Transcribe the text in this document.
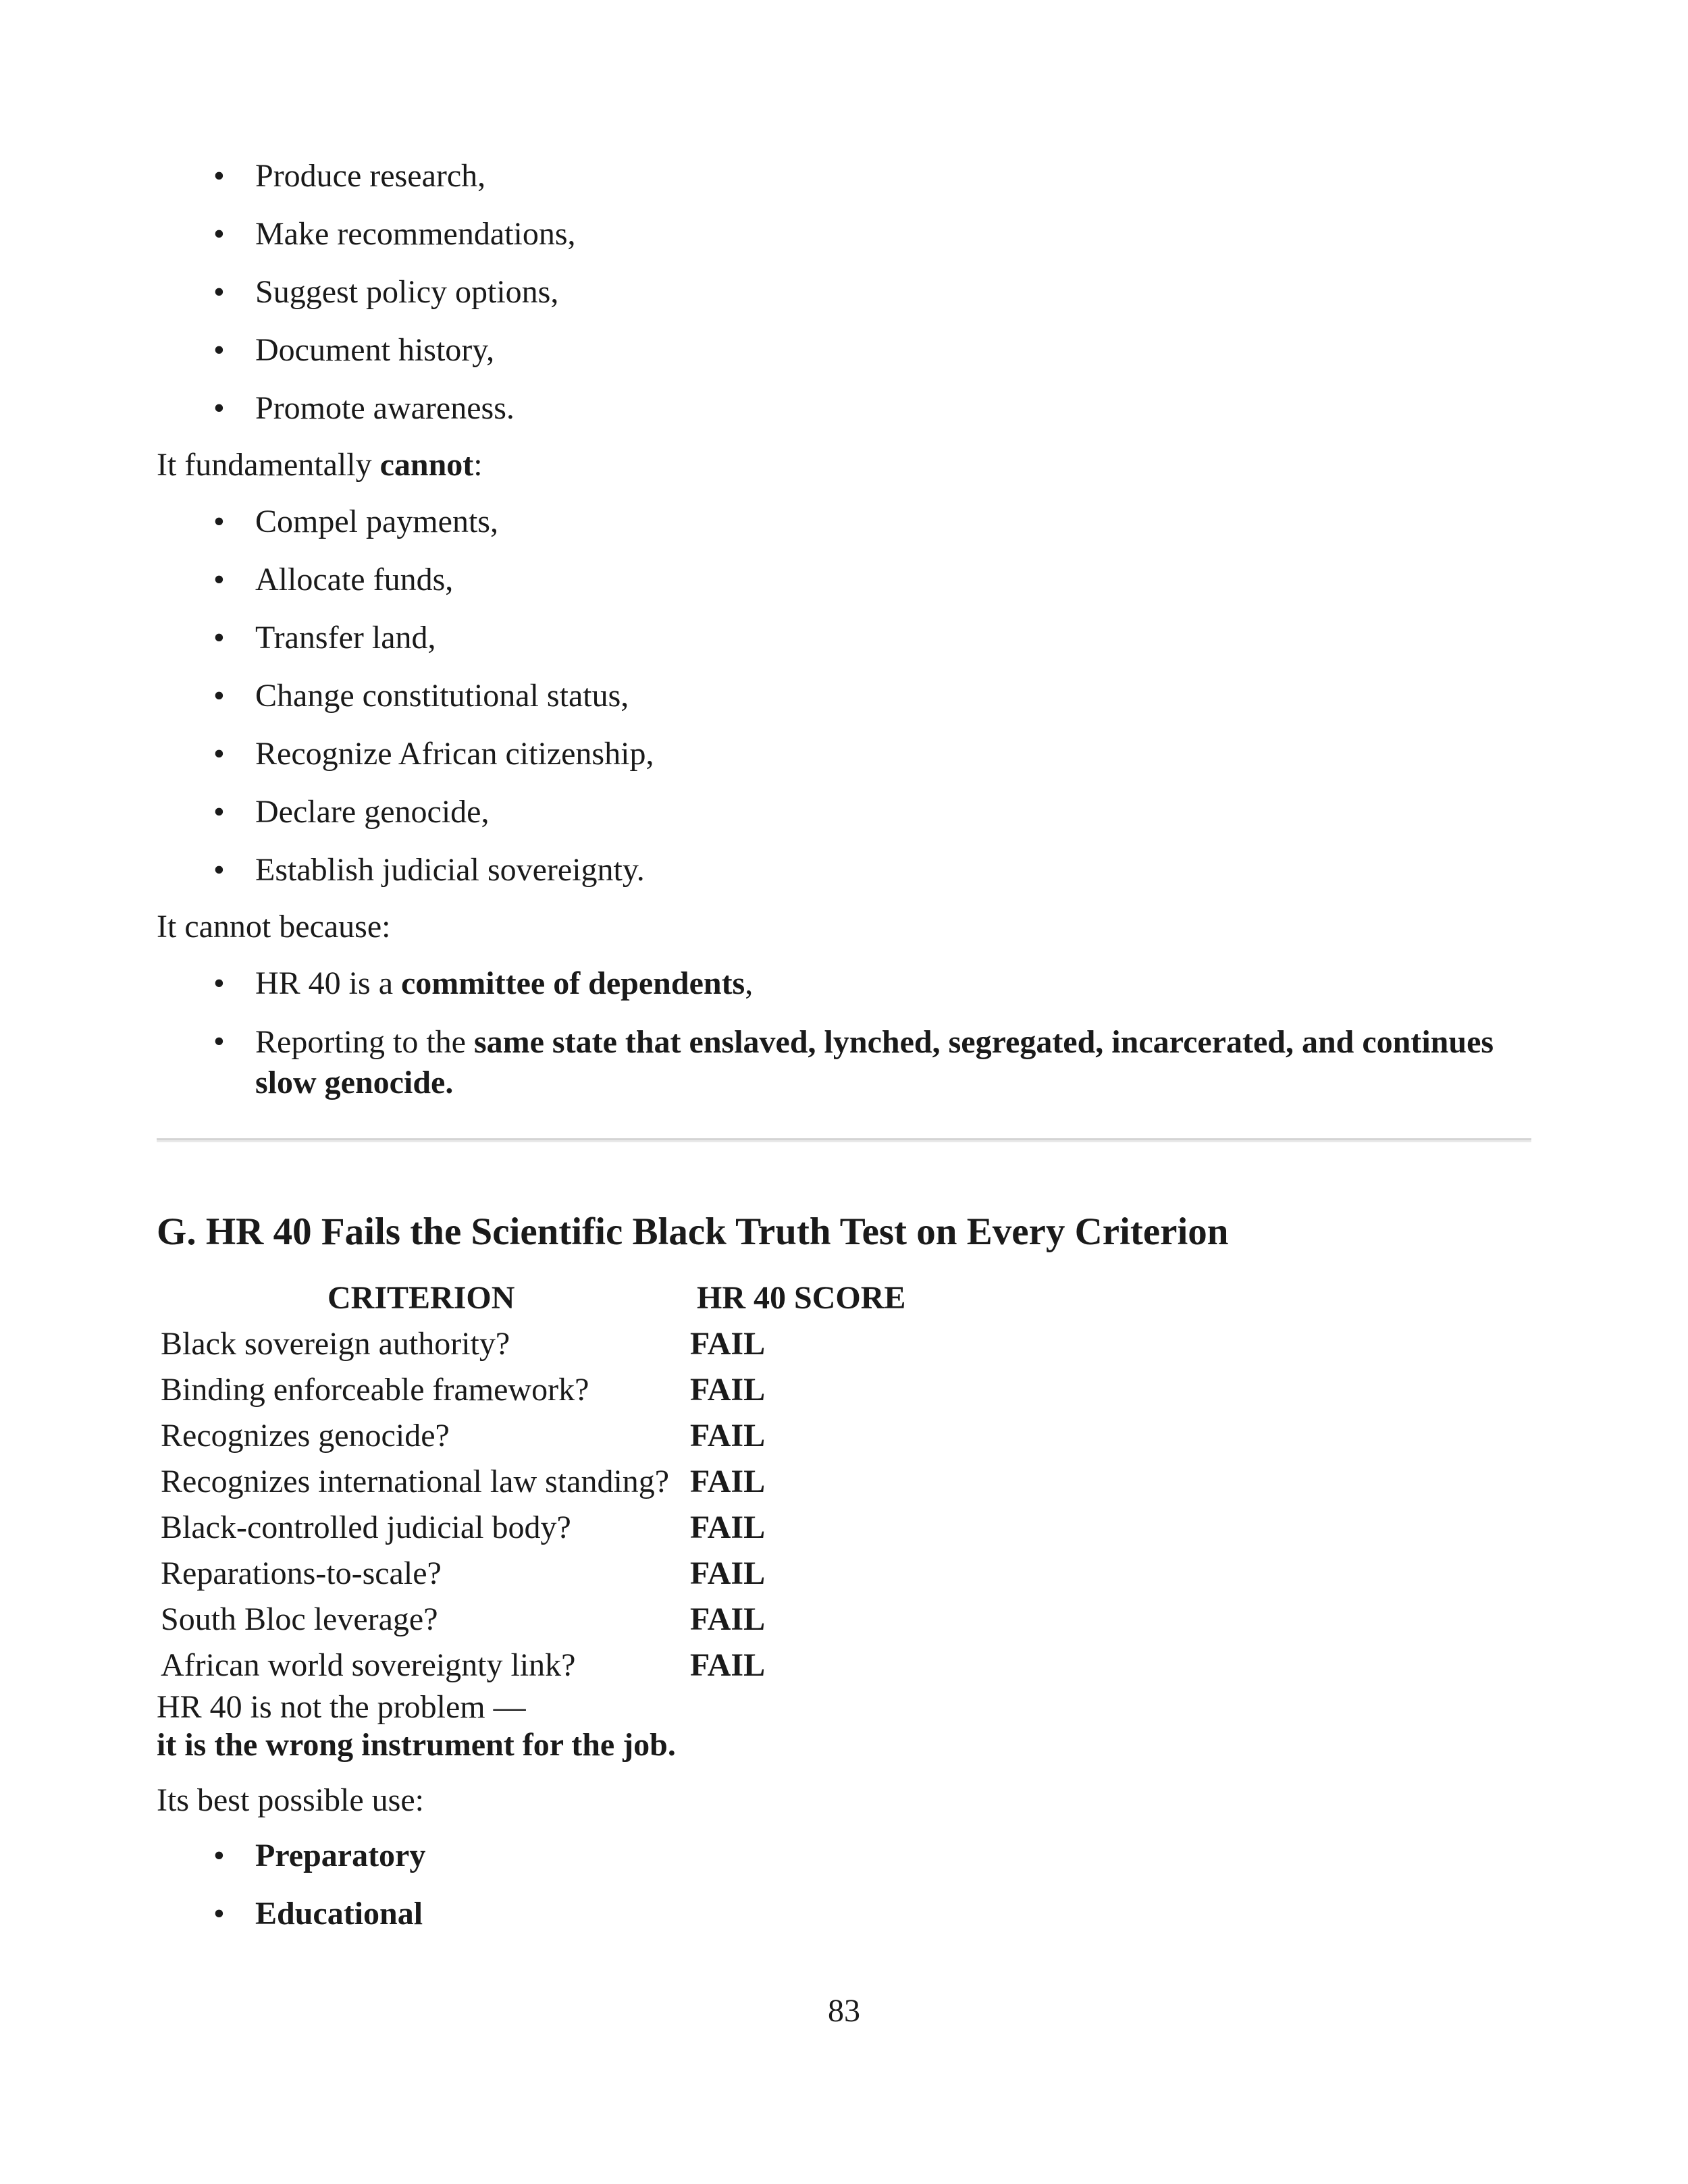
• Produce research,
• Make recommendations,
• Suggest policy options,
• Document history,
• Promote awareness.
It fundamentally cannot:
• Compel payments,
• Allocate funds,
• Transfer land,
• Change constitutional status,
• Recognize African citizenship,
• Declare genocide,
• Establish judicial sovereignty.
It cannot because:
• HR 40 is a committee of dependents,
• Reporting to the same state that enslaved, lynched, segregated, incarcerated, and continues slow genocide.
G. HR 40 Fails the Scientific Black Truth Test on Every Criterion
CRITERION	HR 40 SCORE
Black sovereign authority?	FAIL
Binding enforceable framework?	FAIL
Recognizes genocide?	FAIL
Recognizes international law standing? FAIL
Black-controlled judicial body?	FAIL
Reparations-to-scale?	FAIL
South Bloc leverage?	FAIL
African world sovereignty link?	FAIL
HR 40 is not the problem —
it is the wrong instrument for the job.
Its best possible use:
• Preparatory
• Educational
83
